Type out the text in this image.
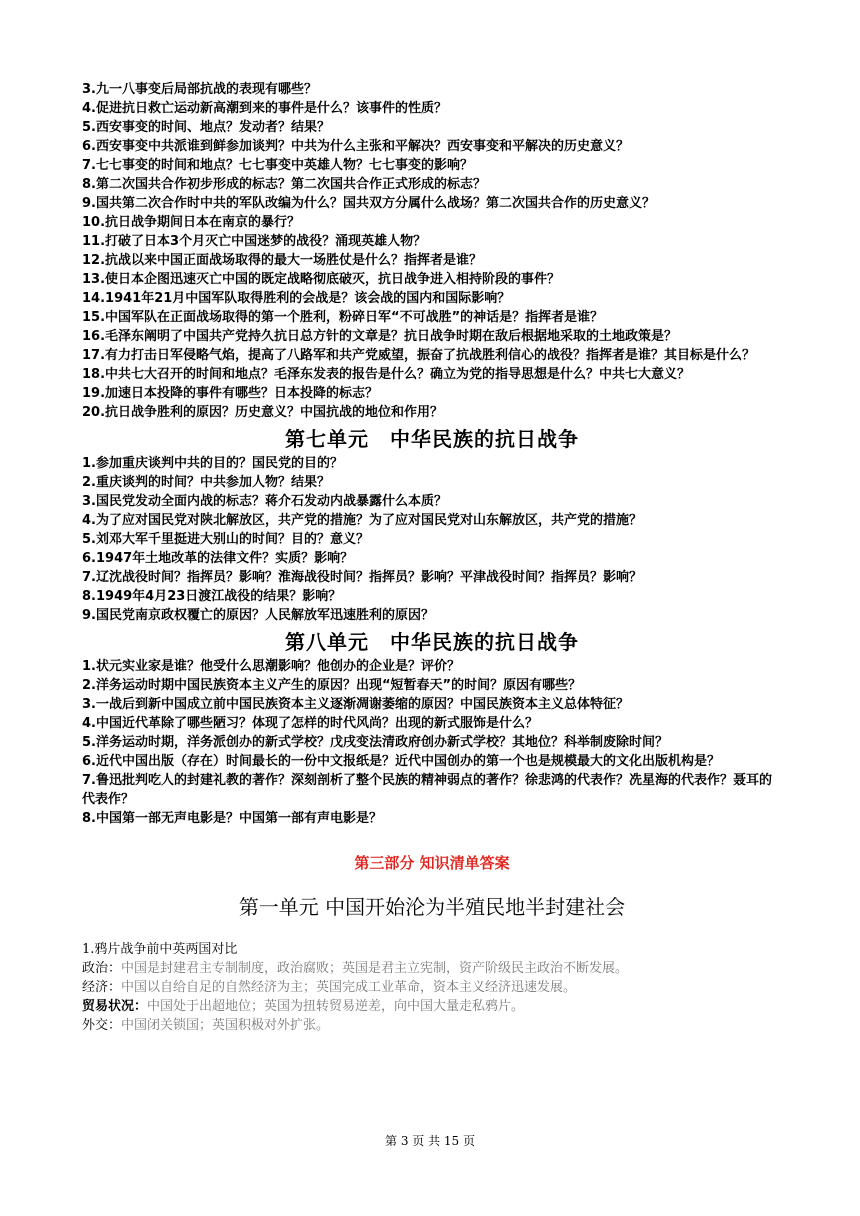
3.九一八事变后局部抗战的表现有哪些？

4.促进抗日救亡运动新高潮到来的事件是什么？该事件的性质？

5.西安事变的时间、地点？发动者？结果？

6.西安事变中共派谁到鲜参加谈判？中共为什么主张和平解决？西安事变和平解决的历史意义？

7.七七事变的时间和地点？七七事变中英雄人物？七七事变的影响？

8.第二次国共合作初步形成的标志？第二次国共合作正式形成的标志？

9.国共第二次合作时中共的军队改编为什么？国共双方分属什么战场？第二次国共合作的历史意义？

10.抗日战争期间日本在南京的暴行？

11.打破了日本3个月灭亡中国迷梦的战役？涌现英雄人物？

12.抗战以来中国正面战场取得的最大一场胜仗是什么？指挥者是谁？

13.使日本企图迅速灭亡中国的既定战略彻底破灭，抗日战争进入相持阶段的事件？

14.1941年21月中国军队取得胜利的会战是？该会战的国内和国际影响？

15.中国军队在正面战场取得的第一个胜利，粉碎日军“不可战胜”的神话是？指挥者是谁？

16.毛泽东阐明了中国共产党持久抗日总方针的文章是？抗日战争时期在敌后根据地采取的土地政策是？

17.有力打击日军侵略气焰，提高了八路军和共产党威望，振奋了抗战胜利信心的战役？指挥者是谁？其目标是什么？

18.中共七大召开的时间和地点？毛泽东发表的报告是什么？确立为党的指导思想是什么？中共七大意义？

19.加速日本投降的事件有哪些？日本投降的标志？

20.抗日战争胜利的原因？历史意义？中国抗战的地位和作用？

第七单元　中华民族的抗日战争

1.参加重庆谈判中共的目的？国民党的目的？

2.重庆谈判的时间？中共参加人物？结果？

3.国民党发动全面内战的标志？蒋介石发动内战暴露什么本质？

4.为了应对国民党对陕北解放区，共产党的措施？为了应对国民党对山东解放区，共产党的措施？

5.刘邓大军千里挺进大别山的时间？目的？意义？

6.1947年土地改革的法律文件？实质？影响？

7.辽沈战役时间？指挥员？影响？淮海战役时间？指挥员？影响？平津战役时间？指挥员？影响？

8.1949年4月23日渡江战役的结果？影响？

9.国民党南京政权覆亡的原因？人民解放军迅速胜利的原因？

第八单元　中华民族的抗日战争

1.状元实业家是谁？他受什么思潮影响？他创办的企业是？评价？

2.洋务运动时期中国民族资本主义产生的原因？出现“短暂春天”的时间？原因有哪些？

3.一战后到新中国成立前中国民族资本主义逐渐凋谢萎缩的原因？中国民族资本主义总体特征？

4.中国近代革除了哪些陋习？体现了怎样的时代风尚？出现的新式服饰是什么？

5.洋务运动时期，洋务派创办的新式学校？戊戌变法清政府创办新式学校？其地位？科举制废除时间？

6.近代中国出版（存在）时间最长的一份中文报纸是？近代中国创办的第一个也是规模最大的文化出版机构是？

7.鲁迅批判吃人的封建礼教的著作？深刻剖析了整个民族的精神弱点的著作？徐悲鸿的代表作？冼星海的代表作？聂耳的代表作？

8.中国第一部无声电影是？中国第一部有声电影是？

第三部分 知识清单答案
第一单元 中国开始沦为半殖民地半封建社会
1.鸦片战争前中英两国对比
政治：中国是封建君主专制制度，政治腐败；英国是君主立宪制，资产阶级民主政治不断发展。
经济：中国以自给自足的自然经济为主；英国完成工业革命，资本主义经济迅速发展。
贸易状况：中国处于出超地位；英国为扭转贸易逆差，向中国大量走私鸦片。
外交：中国闭关锁国；英国积极对外扩张。
第 3 页 共 15 页
